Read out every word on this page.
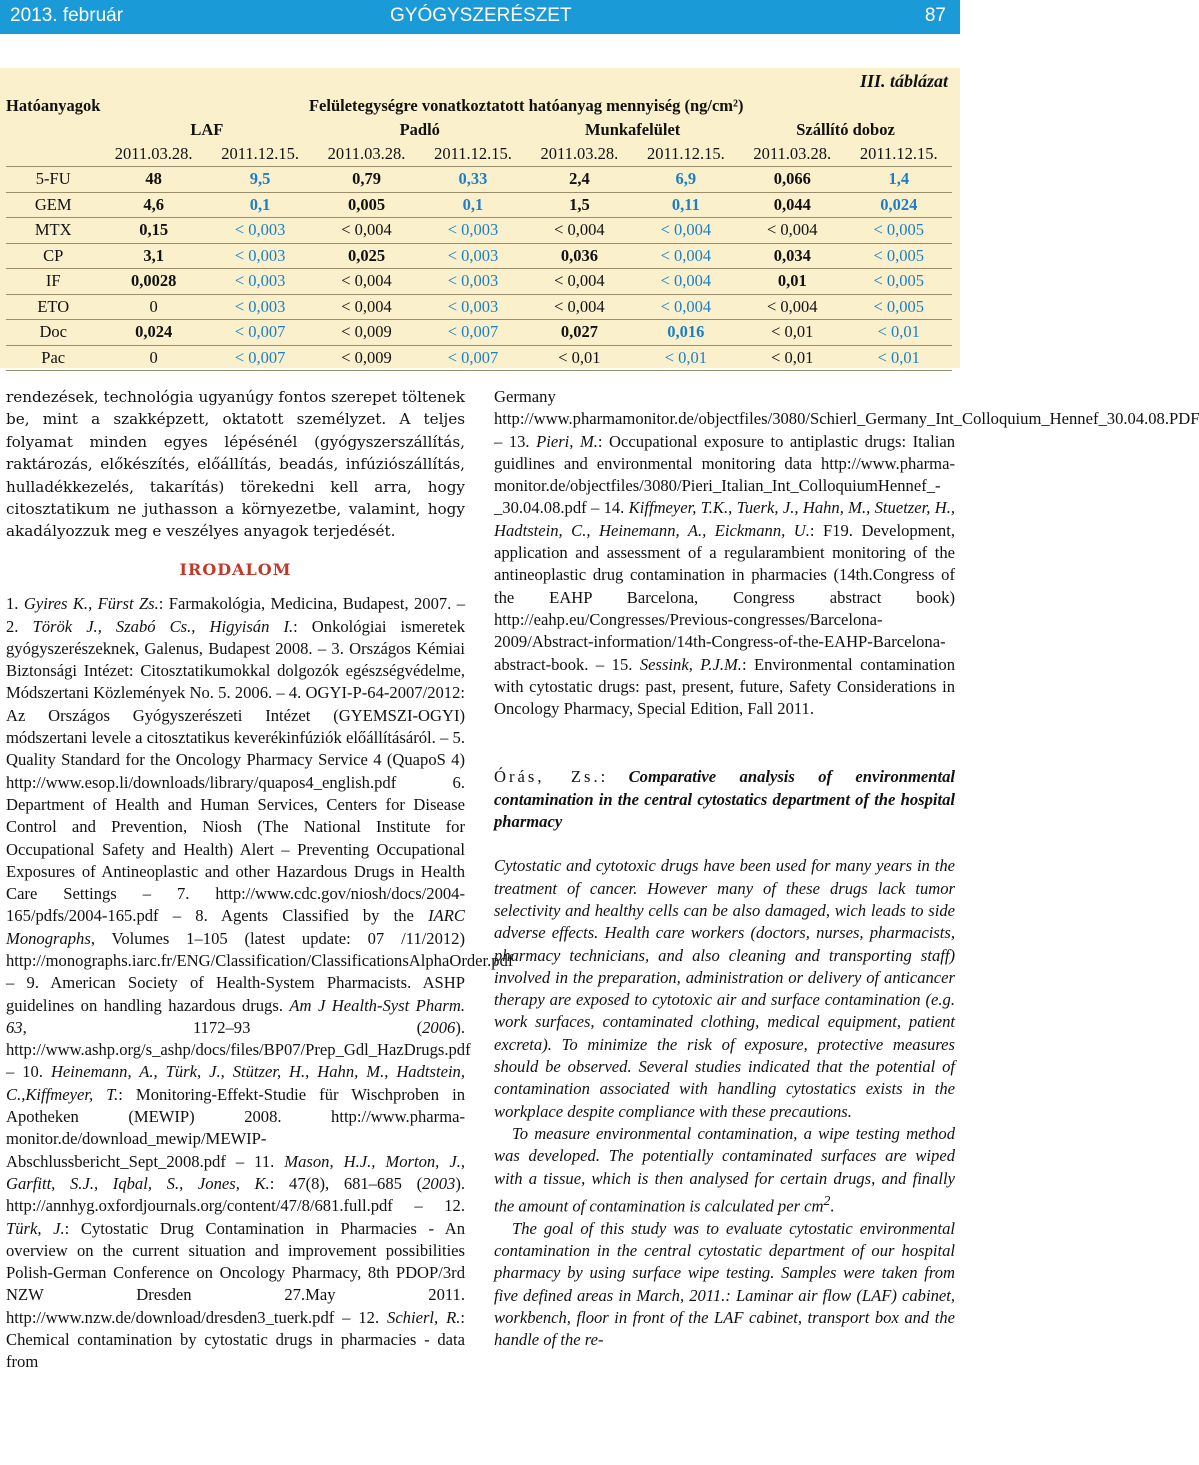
2013. február	GYÓGYSZERÉSZET	87
III. táblázat
Hatóanyagok	Felületegységre vonatkoztatott hatóanyag mennyiség (ng/cm²)							
	LAF		Padló		Munkafelület		Szállító doboz	
	2011.03.28.	2011.12.15.	2011.03.28.	2011.12.15.	2011.03.28.	2011.12.15.	2011.03.28.	2011.12.15.
5-FU	48	9,5	0,79	0,33	2,4	6,9	0,066	1,4
GEM	4,6	0,1	0,005	0,1	1,5	0,11	0,044	0,024
MTX	0,15	< 0,003	< 0,004	< 0,003	< 0,004	< 0,004	< 0,004	< 0,005
CP	3,1	< 0,003	0,025	< 0,003	0,036	< 0,004	0,034	< 0,005
IF	0,0028	< 0,003	< 0,004	< 0,003	< 0,004	< 0,004	0,01	< 0,005
ETO	0	< 0,003	< 0,004	< 0,003	< 0,004	< 0,004	< 0,004	< 0,005
Doc	0,024	< 0,007	< 0,009	< 0,007	0,027	0,016	< 0,01	< 0,01
Pac	0	< 0,007	< 0,009	< 0,007	< 0,01	< 0,01	< 0,01	< 0,01

rendezések, technológia ugyanúgy fontos szerepet töltenek be, mint a szakképzett, oktatott személyzet. A teljes folyamat minden egyes lépésénél (gyógyszerszállítás, raktározás, előkészítés, előállítás, beadás, infúziószállítás, hulladékkezelés, takarítás) törekedni kell arra, hogy citosztatikum ne juthasson a környezetbe, valamint, hogy akadályozzuk meg e veszélyes anyagok terjedését.

IRODALOM

1. Gyires K., Fürst Zs.: Farmakológia, Medicina, Budapest, 2007. – 2. Török J., Szabó Cs., Higyisán I.: Onkológiai ismeretek gyógyszerészeknek, Galenus, Budapest 2008. – 3. Országos Kémiai Biztonsági Intézet: Citosztatikumokkal dolgozók egészségvédelme, Módszertani Közlemények No. 5. 2006. – 4. OGYI-P-64-2007/2012: Az Országos Gyógyszerészeti Intézet (GYEMSZI-OGYI) módszertani levele a citosztatikus keverékinfúziók előállításáról. – 5. Quality Standard for the Oncology Pharmacy Service 4 (QuapoS 4) http://www.esop.li/downloads/library/quapos4_english.pdf 6. Department of Health and Human Services, Centers for Disease Control and Prevention, Niosh (The National Institute for Occupational Safety and Health) Alert – Preventing Occupational Exposures of Antineoplastic and other Hazardous Drugs in Health Care Settings – 7. http://www.cdc.gov/niosh/docs/2004-165/pdfs/2004-165.pdf – 8. Agents Classified by the IARC Monographs, Volumes 1–105 (latest update: 07 /11/2012) http://monographs.iarc.fr/ENG/Classification/ClassificationsAlphaOrder.pdf – 9. American Society of Health-System Pharmacists. ASHP guidelines on handling hazardous drugs. Am J Health-Syst Pharm. 63, 1172–93 (2006). http://www.ashp.org/s_ashp/docs/files/BP07/Prep_Gdl_HazDrugs.pdf – 10. Heinemann, A., Türk, J., Stützer, H., Hahn, M., Hadtstein, C.,Kiffmeyer, T.: Monitoring-Effekt-Studie für Wischproben in Apotheken (MEWIP) 2008. http://www.pharma-monitor.de/download_mewip/MEWIP-Abschlussbericht_Sept_2008.pdf – 11. Mason, H.J., Morton, J., Garfitt, S.J., Iqbal, S., Jones, K.: 47(8), 681–685 (2003). http://annhyg.oxfordjournals.org/content/47/8/681.full.pdf – 12. Türk, J.: Cytostatic Drug Contamination in Pharmacies - An overview on the current situation and improvement possibilities Polish-German Conference on Oncology Pharmacy, 8th PDOP/3rd NZW Dresden 27.May 2011. http://www.nzw.de/download/dresden3_tuerk.pdf – 12. Schierl, R.: Chemical contamination by cytostatic drugs in pharmacies - data from

Germany http://www.pharmamonitor.de/objectfiles/3080/Schierl_Germany_Int_Colloquium_Hennef_30.04.08.PDF – 13. Pieri, M.: Occupational exposure to antiplastic drugs: Italian guidlines and environmental monitoring data http://www.pharma-monitor.de/objectfiles/3080/Pieri_Italian_Int_ColloquiumHennef_-_30.04.08.pdf – 14. Kiffmeyer, T.K., Tuerk, J., Hahn, M., Stuetzer, H., Hadtstein, C., Heinemann, A., Eickmann, U.: F19. Development, application and assessment of a regularambient monitoring of the antineoplastic drug contamination in pharmacies (14th.Congress of the EAHP Barcelona, Congress abstract book) http://eahp.eu/Congresses/Previous-congresses/Barcelona-2009/Abstract-information/14th-Congress-of-the-EAHP-Barcelona-abstract-book. – 15. Sessink, P.J.M.: Environmental contamination with cytostatic drugs: past, present, future, Safety Considerations in Oncology Pharmacy, Special Edition, Fall 2011.

Órás, Zs.: Comparative analysis of environmental contamination in the central cytostatics department of the hospital pharmacy

Cytostatic and cytotoxic drugs have been used for many years in the treatment of cancer. However many of these drugs lack tumor selectivity and healthy cells can be also damaged, wich leads to side adverse effects. Health care workers (doctors, nurses, pharmacists, pharmacy technicians, and also cleaning and transporting staff) involved in the preparation, administration or delivery of anticancer therapy are exposed to cytotoxic air and surface contamination (e.g. work surfaces, contaminated clothing, medical equipment, patient excreta). To minimize the risk of exposure, protective measures should be observed. Several studies indicated that the potential of contamination associated with handling cytostatics exists in the workplace despite compliance with these precautions.

To measure environmental contamination, a wipe testing method was developed. The potentially contaminated surfaces are wiped with a tissue, which is then analysed for certain drugs, and finally the amount of contamination is calculated per $cm^2$.

The goal of this study was to evaluate cytostatic environmental contamination in the central cytostatic department of our hospital pharmacy by using surface wipe testing. Samples were taken from five defined areas in March, 2011.: Laminar air flow (LAF) cabinet, workbench, floor in front of the LAF cabinet, transport box and the handle of the re-
